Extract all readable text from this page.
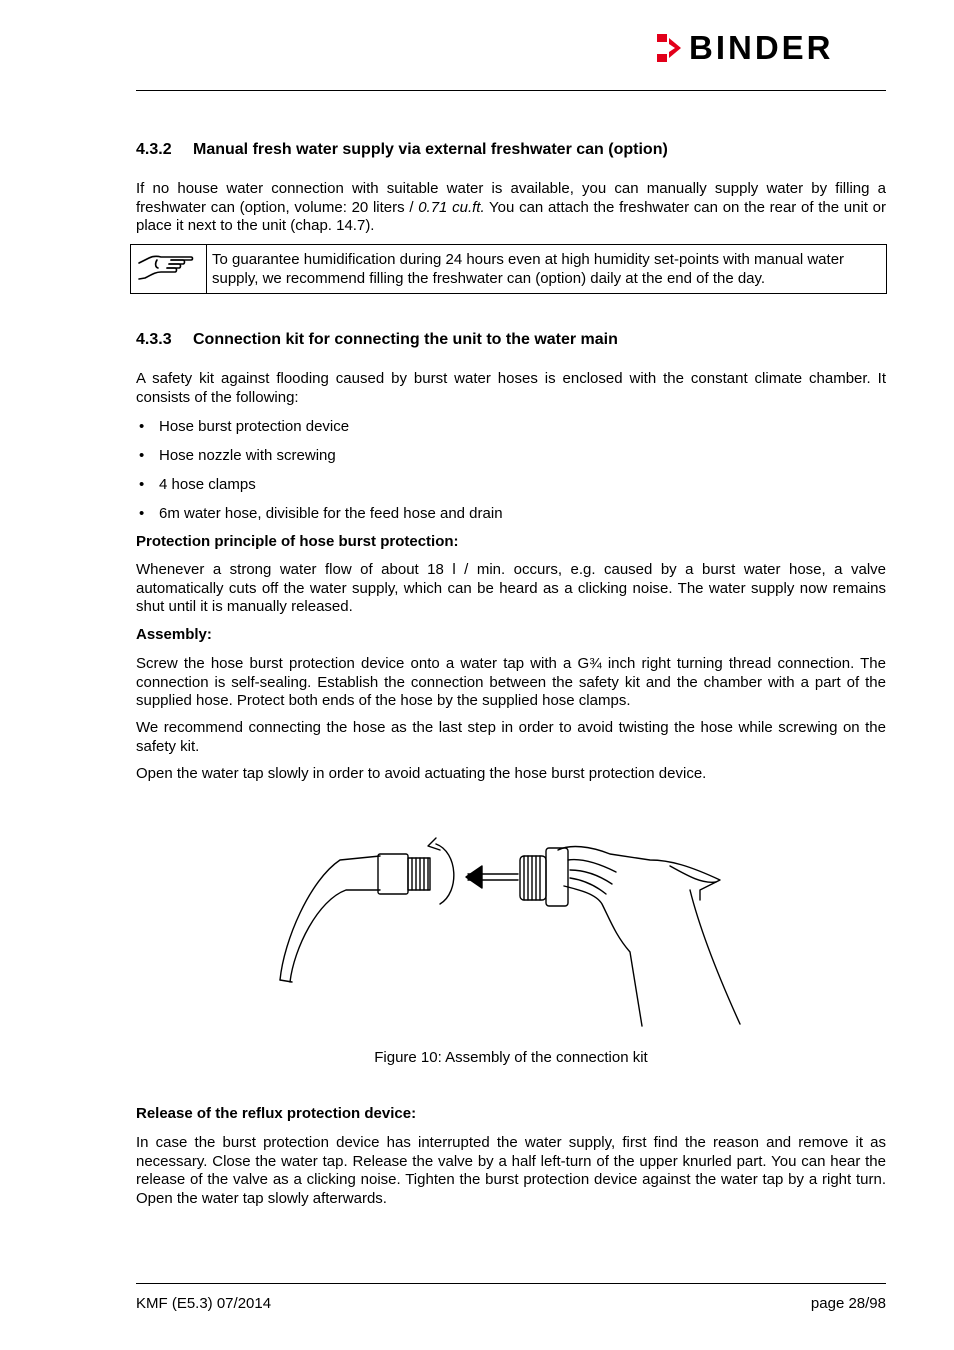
BINDER
4.3.2 Manual fresh water supply via external freshwater can (option)
If no house water connection with suitable water is available, you can manually supply water by filling a freshwater can (option, volume: 20 liters / 0.71 cu.ft. You can attach the freshwater can on the rear of the unit or place it next to the unit (chap. 14.7).
To guarantee humidification during 24 hours even at high humidity set-points with manual water supply, we recommend filling the freshwater can (option) daily at the end of the day.
4.3.3 Connection kit for connecting the unit to the water main
A safety kit against flooding caused by burst water hoses is enclosed with the constant climate chamber. It consists of the following:
• Hose burst protection device
• Hose nozzle with screwing
• 4 hose clamps
• 6m water hose, divisible for the feed hose and drain
Protection principle of hose burst protection:
Whenever a strong water flow of about 18 l / min. occurs, e.g. caused by a burst water hose, a valve automatically cuts off the water supply, which can be heard as a clicking noise. The water supply now remains shut until it is manually released.
Assembly:
Screw the hose burst protection device onto a water tap with a G¾ inch right turning thread connection. The connection is self-sealing. Establish the connection between the safety kit and the chamber with a part of the supplied hose. Protect both ends of the hose by the supplied hose clamps.
We recommend connecting the hose as the last step in order to avoid twisting the hose while screwing on the safety kit.
Open the water tap slowly in order to avoid actuating the hose burst protection device.
Figure 10: Assembly of the connection kit
Release of the reflux protection device:
In case the burst protection device has interrupted the water supply, first find the reason and remove it as necessary. Close the water tap. Release the valve by a half left-turn of the upper knurled part. You can hear the release of the valve as a clicking noise. Tighten the burst protection device against the water tap by a right turn. Open the water tap slowly afterwards.
KMF (E5.3) 07/2014	page 28/98
